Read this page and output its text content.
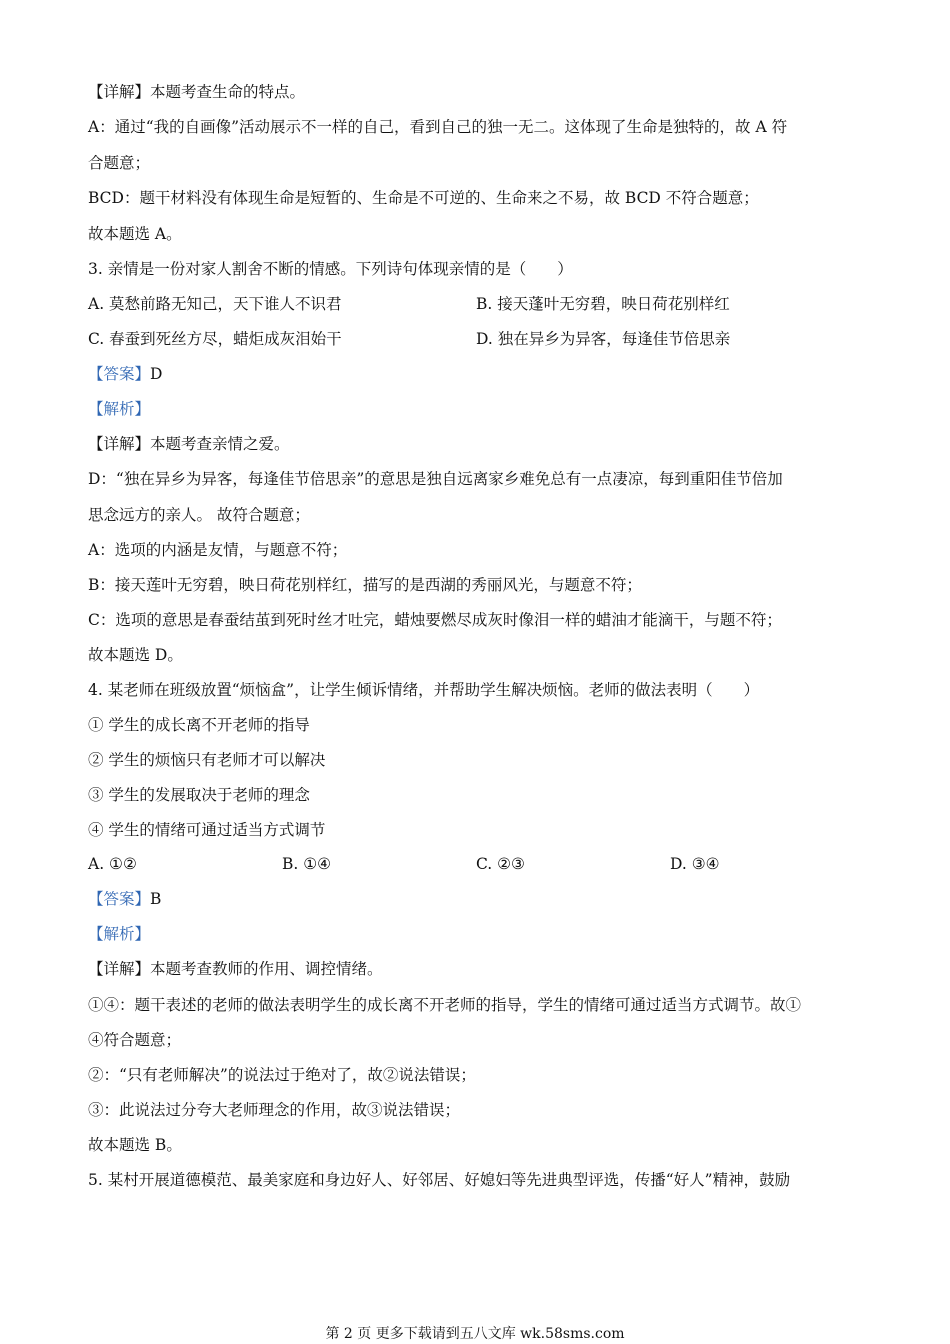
【详解】本题考查生命的特点。
A：通过“我的自画像”活动展示不一样的自己，看到自己的独一无二。这体现了生命是独特的，故 A 符
合题意；
BCD：题干材料没有体现生命是短暂的、生命是不可逆的、生命来之不易，故 BCD 不符合题意；
故本题选 A。
3. 亲情是一份对家人割舍不断的情感。下列诗句体现亲情的是（　　）
A. 莫愁前路无知己，天下谁人不识君	B. 接天蓬叶无穷碧，映日荷花别样红
C. 春蚕到死丝方尽，蜡炬成灰泪始干	D. 独在异乡为异客，每逢佳节倍思亲
【答案】D
【解析】
【详解】本题考查亲情之爱。
D：“独在异乡为异客，每逢佳节倍思亲”的意思是独自远离家乡难免总有一点凄凉，每到重阳佳节倍加
思念远方的亲人。 故符合题意；
A：选项的内涵是友情，与题意不符；
B：接天莲叶无穷碧，映日荷花别样红，描写的是西湖的秀丽风光，与题意不符；
C：选项的意思是春蚕结茧到死时丝才吐完，蜡烛要燃尽成灰时像泪一样的蜡油才能滴干，与题不符；
故本题选 D。
4. 某老师在班级放置“烦恼盒”，让学生倾诉情绪，并帮助学生解决烦恼。老师的做法表明（　　）
① 学生的成长离不开老师的指导
② 学生的烦恼只有老师才可以解决
③ 学生的发展取决于老师的理念
④ 学生的情绪可通过适当方式调节
A. ①②	B. ①④	C. ②③	D. ③④
【答案】B
【解析】
【详解】本题考查教师的作用、调控情绪。
①④：题干表述的老师的做法表明学生的成长离不开老师的指导，学生的情绪可通过适当方式调节。故①
④符合题意；
②：“只有老师解决”的说法过于绝对了，故②说法错误；
③：此说法过分夸大老师理念的作用，故③说法错误；
故本题选 B。
5. 某村开展道德模范、最美家庭和身边好人、好邻居、好媳妇等先进典型评选，传播“好人”精神，鼓励
第 2 页 更多下载请到五八文库 wk.58sms.com
